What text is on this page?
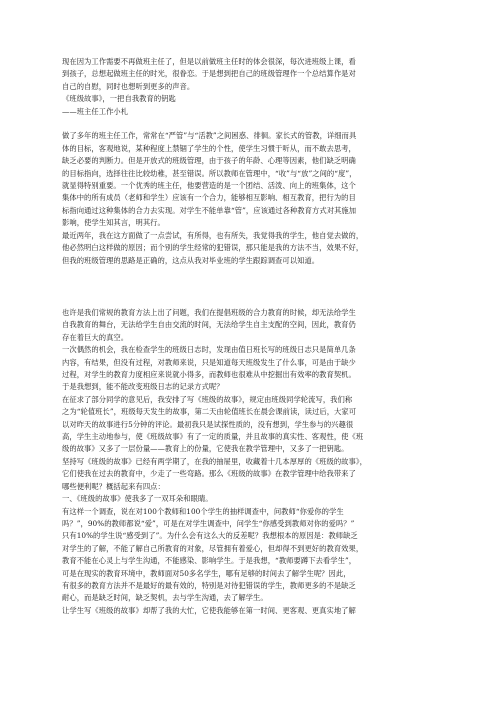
现在因为工作需要不再做班主任了，但是以前做班主任时的体会很深，每次进班级上课，看
到孩子，总想起做班主任的时光，很眷恋。于是想到把自己的班级管理作一个总结算作是对
自己的自慰，同时也想听到更多的声音。
《班级故事》，一把自我教育的钥匙
——班主任工作小札

做了多年的班主任工作，常常在“严管”与“活教”之间困惑、徘徊。家长式的管教，详细而具
体的目标，客观地说，某种程度上禁锢了学生的个性，使学生习惯于听从，而不敢去思考，
缺乏必要的判断力。但是开放式的班级管理，由于孩子的年龄、心理等因素，他们缺乏明确
的目标指向，选择往往比较幼稚，甚至错误。所以教师在管理中，“收”与“放”之间的“度”，
就显得特别重要。一个优秀的班主任，他要营造的是一个团结、活泼、向上的班集体，这个
集体中的所有成员（老师和学生）应该有一个合力，能够相互影响、相互教育，把行为的目
标指向通过这种集体的合力去实现。对学生不能单靠“管”，应该通过各种教育方式对其施加
影响，使学生知其言，明其行。
最近两年，我在这方面做了一点尝试，有所得，也有所失，我觉得我的学生，他自觉去做的，
他必然明白这样做的原因；而个别的学生经常的犯错误，那只能是我的方法不当，效果不好，
但我的班级管理的思路是正确的，这点从我对毕业班的学生跟踪调查可以知道。
也许是我们常规的教育方法上出了问题，我们在提倡班级的合力教育的时候，却无法给学生
自我教育的舞台，无法给学生自由交流的时间，无法给学生自主支配的空间，因此，教育仍
存在着巨大的真空。
一次偶然的机会，我在检查学生的班级日志时，发现由值日班长写的班级日志只是简单几条
内容，有结果，但没有过程，对教师来说，只是知道每天班级发生了什么事，可是由于缺少
过程，对学生的教育力度相应来说就小得多，而教师也很难从中挖掘出有效率的教育契机。
于是我想到，能不能改变班级日志的记录方式呢？
在征求了部分同学的意见后，我安排了写《班级的故事》，规定由班级同学轮流写，我们称
之为“轮值班长”，班级每天发生的故事，第二天由轮值班长在晨会课前读，读过后，大家可
以对昨天的故事进行5分钟的评论。最初我只是试探性质的，没有想到，学生参与的兴趣很
高，学生主动地参与，使《班级故事》有了一定的质量，并且故事的真实性、客观性，使《班
级的故事》又多了一层份量——教育上的份量，它使我在教学管理中，又多了一把钥匙。
坚持写《班级的故事》已经有两学期了，在我的抽屉里，收藏着十几本厚厚的《班级的故事》，
它们使我在过去的教育中，少走了一些弯路。那么《班级的故事》在教学管理中给我带来了
哪些便利呢？概括起来有四点：
一、《班级的故事》使我多了一双耳朵和眼睛。
有这样一个调查，说在对100个教师和100个学生的抽样调查中，问教师“你爱你的学生
吗？”，90%的教师都说“爱”，可是在对学生调查中，问学生“你感受到教师对你的爱吗？”
只有10%的学生说“感受到了”。为什么会有这么大的反差呢？我想根本的原因是：教师缺乏
对学生的了解，不能了解自己所教育的对象，尽管拥有着爱心，但却得不到更好的教育效果，
教育不能在心灵上与学生沟通，不能感染、影响学生。于是我想，“教师要蹲下去看学生”，
可是在现实的教育环境中，教师面对50多名学生，哪有足够的时间去了解学生呢？因此，
有很多的教育方法并不是最好的最有效的，特别是对待犯错误的学生，教师更多的不是缺乏
耐心，而是缺乏时间，缺乏契机，去与学生沟通，去了解学生。
让学生写《班级的故事》却帮了我的大忙，它使我能够在第一时间、更客观、更真实地了解
